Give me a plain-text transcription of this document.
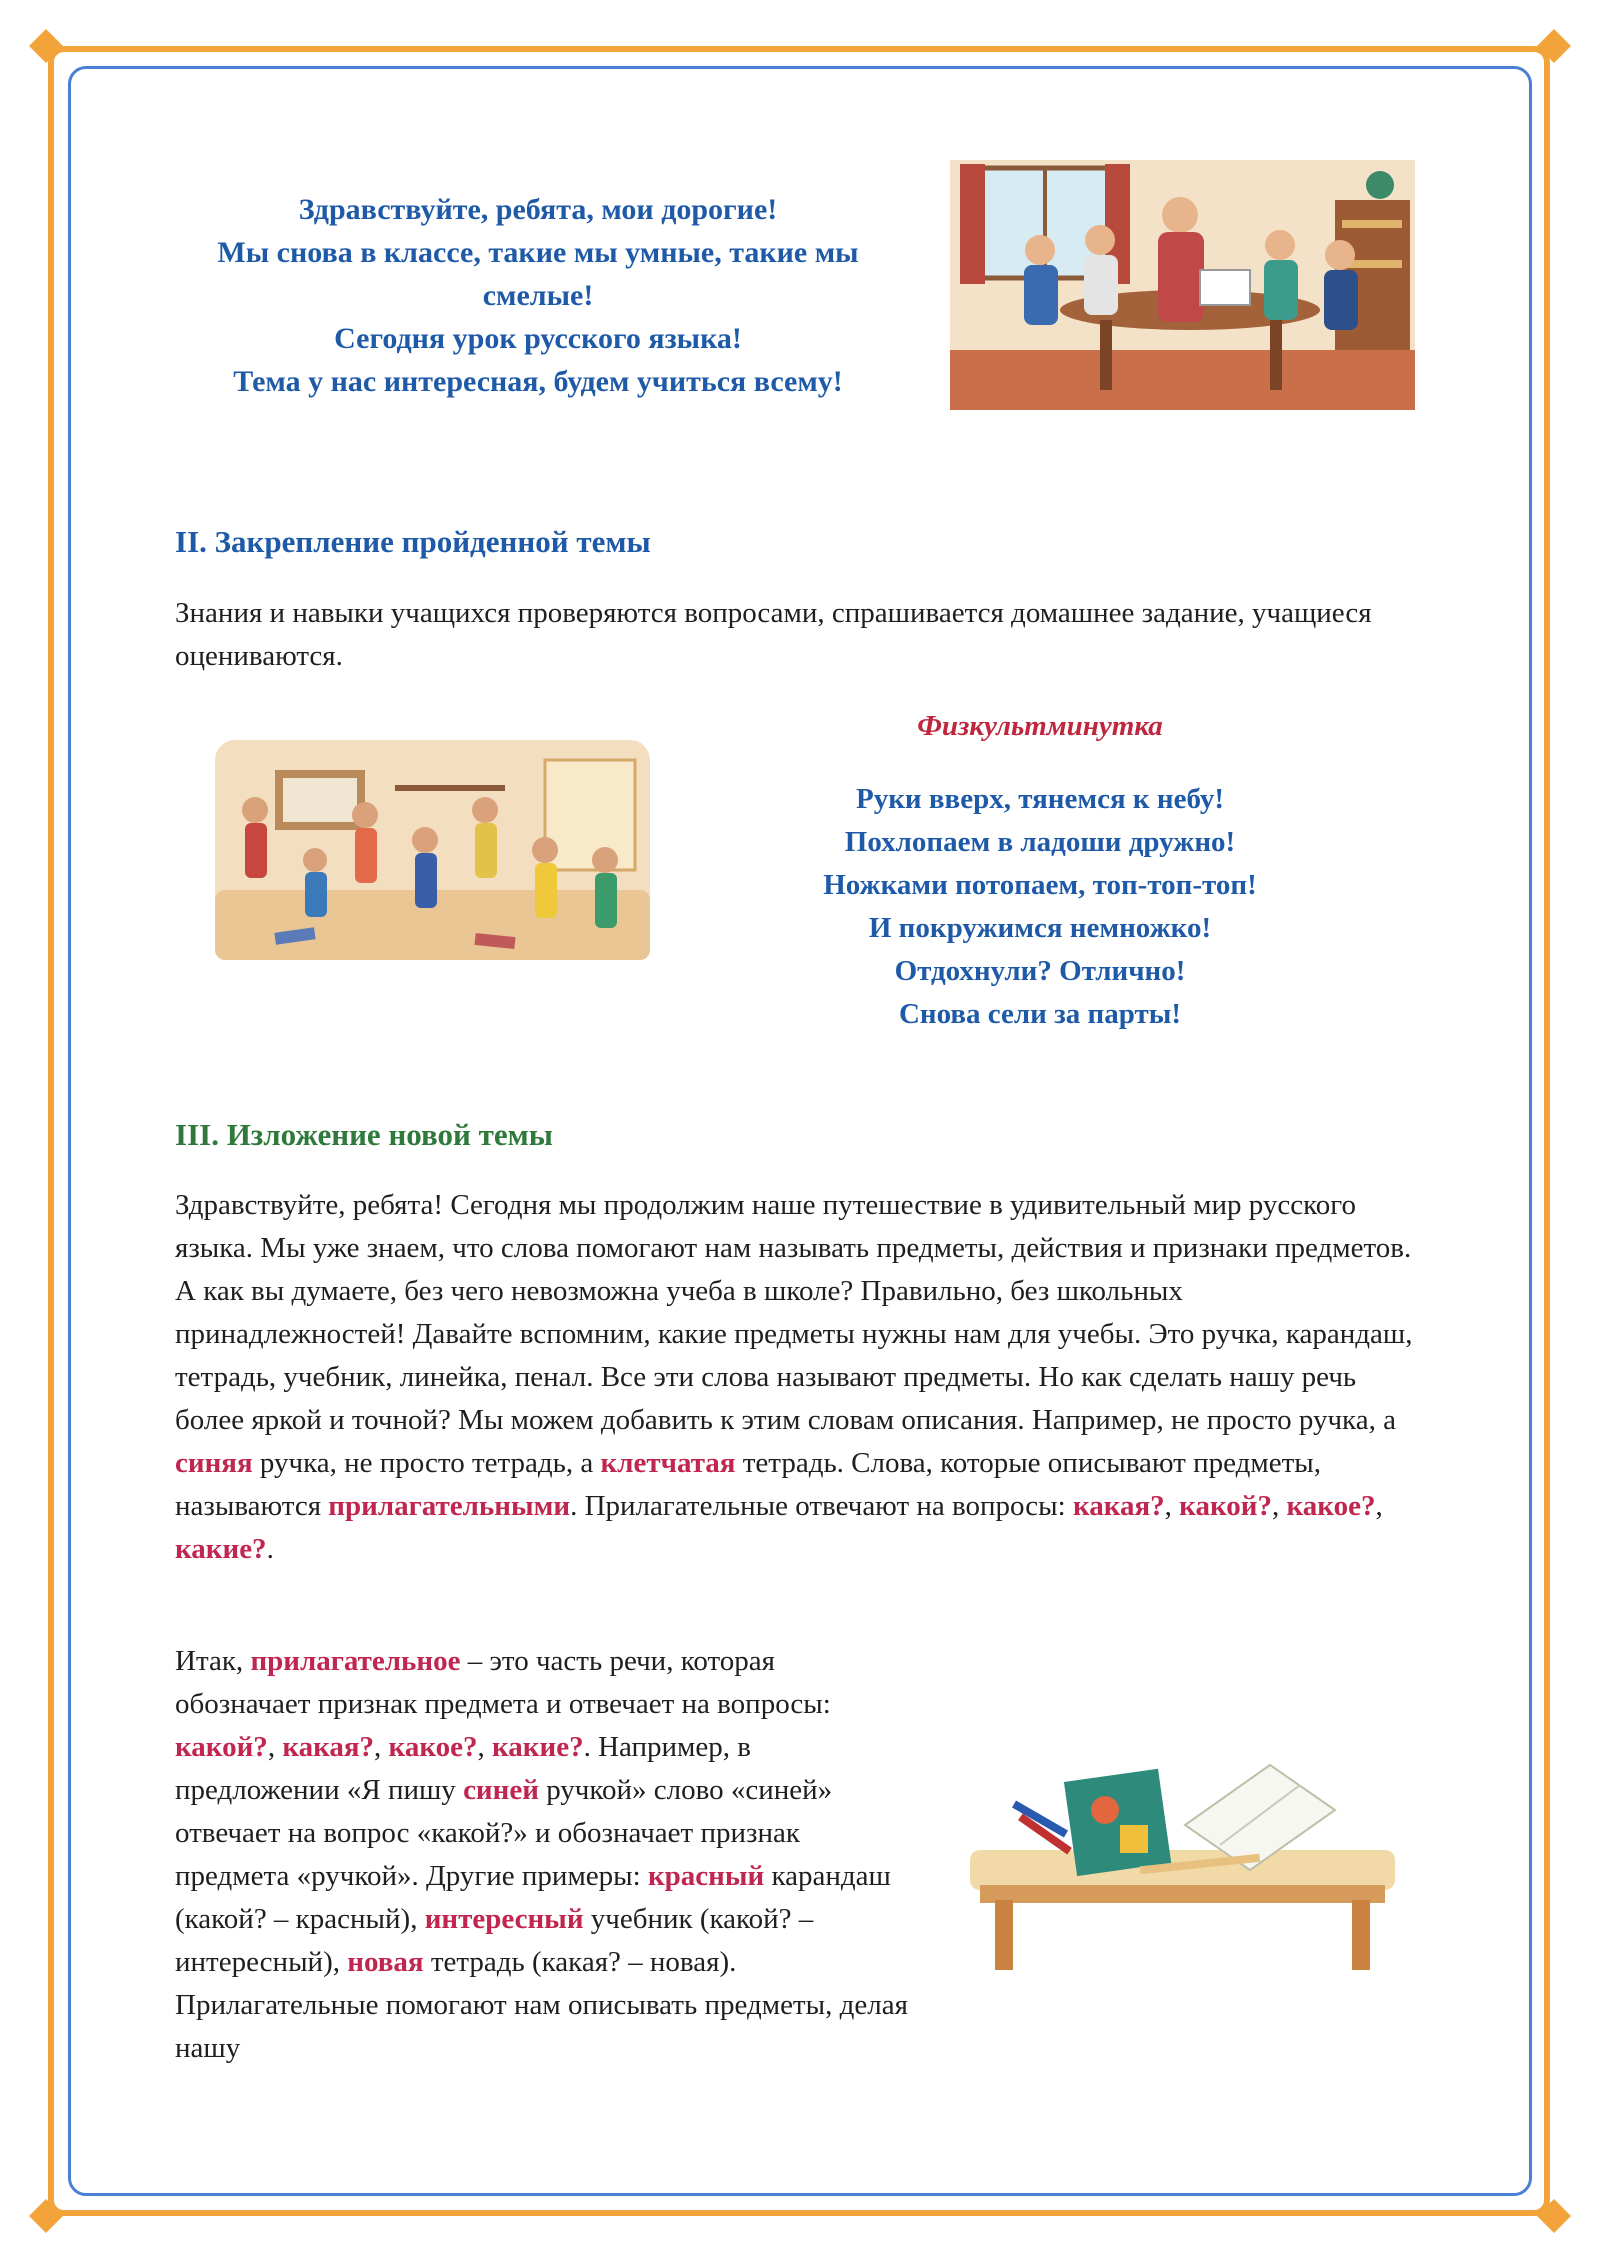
Здравствуйте, ребята, мои дорогие!
Мы снова в классе, такие мы умные, такие мы смелые!
Сегодня урок русского языка!
Тема у нас интересная, будем учиться всему!
II. Закрепление пройденной темы

Знания и навыки учащихся проверяются вопросами, спрашивается домашнее задание, учащиеся оцениваются.

Физкультминутка
Руки вверх, тянемся к небу!
Похлопаем в ладоши дружно!
Ножками потопаем, топ-топ-топ!
И покружимся немножко!
Отдохнули? Отлично!
Снова сели за парты!
III. Изложение новой темы

Здравствуйте, ребята! Сегодня мы продолжим наше путешествие в удивительный мир русского языка. Мы уже знаем, что слова помогают нам называть предметы, действия и признаки предметов. А как вы думаете, без чего невозможна учеба в школе? Правильно, без школьных принадлежностей! Давайте вспомним, какие предметы нужны нам для учебы. Это ручка, карандаш, тетрадь, учебник, линейка, пенал. Все эти слова называют предметы. Но как сделать нашу речь более яркой и точной? Мы можем добавить к этим словам описания. Например, не просто ручка, а синяя ручка, не просто тетрадь, а клетчатая тетрадь. Слова, которые описывают предметы, называются прилагательными. Прилагательные отвечают на вопросы: какая?, какой?, какое?, какие?.

Итак, прилагательное – это часть речи, которая обозначает признак предмета и отвечает на вопросы: какой?, какая?, какое?, какие?. Например, в предложении «Я пишу синей ручкой» слово «синей» отвечает на вопрос «какой?» и обозначает признак предмета «ручкой». Другие примеры: красный карандаш (какой? – красный), интересный учебник (какой? – интересный), новая тетрадь (какая? – новая). Прилагательные помогают нам описывать предметы, делая нашу
